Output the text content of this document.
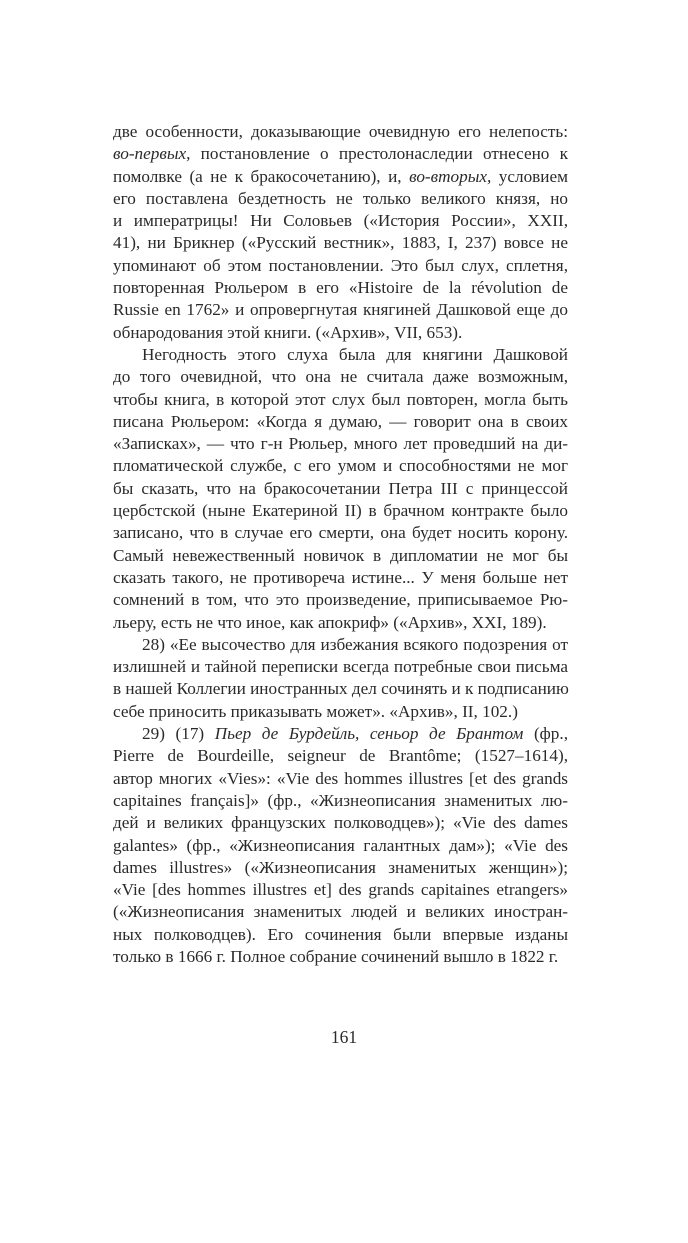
две особенности, доказывающие очевидную его нелепость:
во-первых, постановление о престолонаследии отнесено к
помолвке (а не к бракосочетанию), и, во-вторых, условием
его поставлена бездетность не только великого князя, но
и императрицы! Ни Соловьев («История России», XXII,
41), ни Брикнер («Русский вестник», 1883, I, 237) вовсе не
упоминают об этом постановлении. Это был слух, сплетня,
повторенная Рюльером в его «Histoire de la révolution de
Russie en 1762» и опровергнутая княгиней Дашковой еще до
обнародования этой книги. («Архив», VII, 653).
Негодность этого слуха была для княгини Дашковой
до того очевидной, что она не считала даже возможным,
чтобы книга, в которой этот слух был повторен, могла быть
писана Рюльером: «Когда я думаю, — говорит она в своих
«Записках», — что г-н Рюльер, много лет проведший на ди-
пломатической службе, с его умом и способностями не мог
бы сказать, что на бракосочетании Петра III с принцессой
цербстской (ныне Екатериной II) в брачном контракте было
записано, что в случае его смерти, она будет носить корону.
Самый невежественный новичок в дипломатии не мог бы
сказать такого, не противореча истине... У меня больше нет
сомнений в том, что это произведение, приписываемое Рю-
льеру, есть не что иное, как апокриф» («Архив», XXI, 189).
28) «Ее высочество для избежания всякого подозрения от
излишней и тайной переписки всегда потребные свои письма
в нашей Коллегии иностранных дел сочинять и к подписанию
себе приносить приказывать может». «Архив», II, 102.)
29) (17) Пьер де Бурдейль, сеньор де Брантом (фр.,
Pierre de Bourdeille, seigneur de Brantôme; (1527–1614),
автор многих «Vies»: «Vie des hommes illustres [et des grands
capitaines français]» (фр., «Жизнеописания знаменитых лю-
дей и великих французских полководцев»); «Vie des dames
galantes» (фр., «Жизнеописания галантных дам»); «Vie des
dames illustres» («Жизнеописания знаменитых женщин»);
«Vie [des hommes illustres et] des grands capitaines etrangers»
(«Жизнеописания знаменитых людей и великих иностран-
ных полководцев). Его сочинения были впервые изданы
только в 1666 г. Полное собрание сочинений вышло в 1822 г.
161
